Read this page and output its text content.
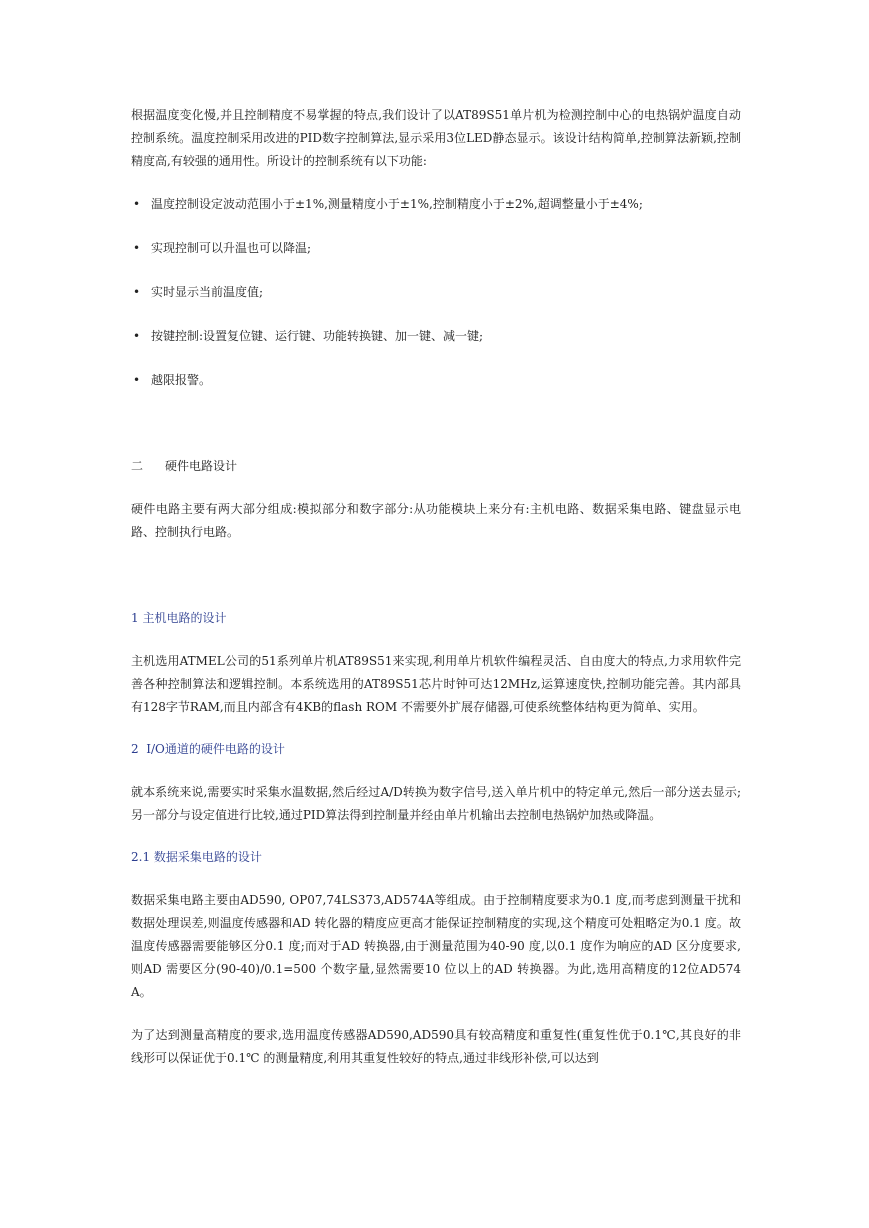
根据温度变化慢,并且控制精度不易掌握的特点,我们设计了以AT89S51单片机为检测控制中心的电热锅炉温度自动控制系统。温度控制采用改进的PID数字控制算法,显示采用3位LED静态显示。该设计结构简单,控制算法新颖,控制精度高,有较强的通用性。所设计的控制系统有以下功能:

• 温度控制设定波动范围小于±1%,测量精度小于±1%,控制精度小于±2%,超调整量小于±4%;
• 实现控制可以升温也可以降温;
• 实时显示当前温度值;
• 按键控制:设置复位键、运行键、功能转换键、加一键、减一键;
• 越限报警。
二 硬件电路设计

硬件电路主要有两大部分组成:模拟部分和数字部分:从功能模块上来分有:主机电路、数据采集电路、键盘显示电路、控制执行电路。

1 主机电路的设计

主机选用ATMEL公司的51系列单片机AT89S51来实现,利用单片机软件编程灵活、自由度大的特点,力求用软件完善各种控制算法和逻辑控制。本系统选用的AT89S51芯片时钟可达12MHz,运算速度快,控制功能完善。其内部具有128字节RAM,而且内部含有4KB的flash ROM 不需要外扩展存储器,可使系统整体结构更为简单、实用。

2  I/O通道的硬件电路的设计

就本系统来说,需要实时采集水温数据,然后经过A/D转换为数字信号,送入单片机中的特定单元,然后一部分送去显示;另一部分与设定值进行比较,通过PID算法得到控制量并经由单片机输出去控制电热锅炉加热或降温。

2.1 数据采集电路的设计

数据采集电路主要由AD590, OP07,74LS373,AD574A等组成。由于控制精度要求为0.1 度,而考虑到测量干扰和数据处理误差,则温度传感器和AD 转化器的精度应更高才能保证控制精度的实现,这个精度可处粗略定为0.1 度。故温度传感器需要能够区分0.1 度;而对于AD 转换器,由于测量范围为40-90 度,以0.1 度作为响应的AD 区分度要求,则AD 需要区分(90-40)/0.1=500 个数字量,显然需要10 位以上的AD 转换器。为此,选用高精度的12位AD574A。

为了达到测量高精度的要求,选用温度传感器AD590,AD590具有较高精度和重复性(重复性优于0.1℃,其良好的非线形可以保证优于0.1℃ 的测量精度,利用其重复性较好的特点,通过非线形补偿,可以达到
